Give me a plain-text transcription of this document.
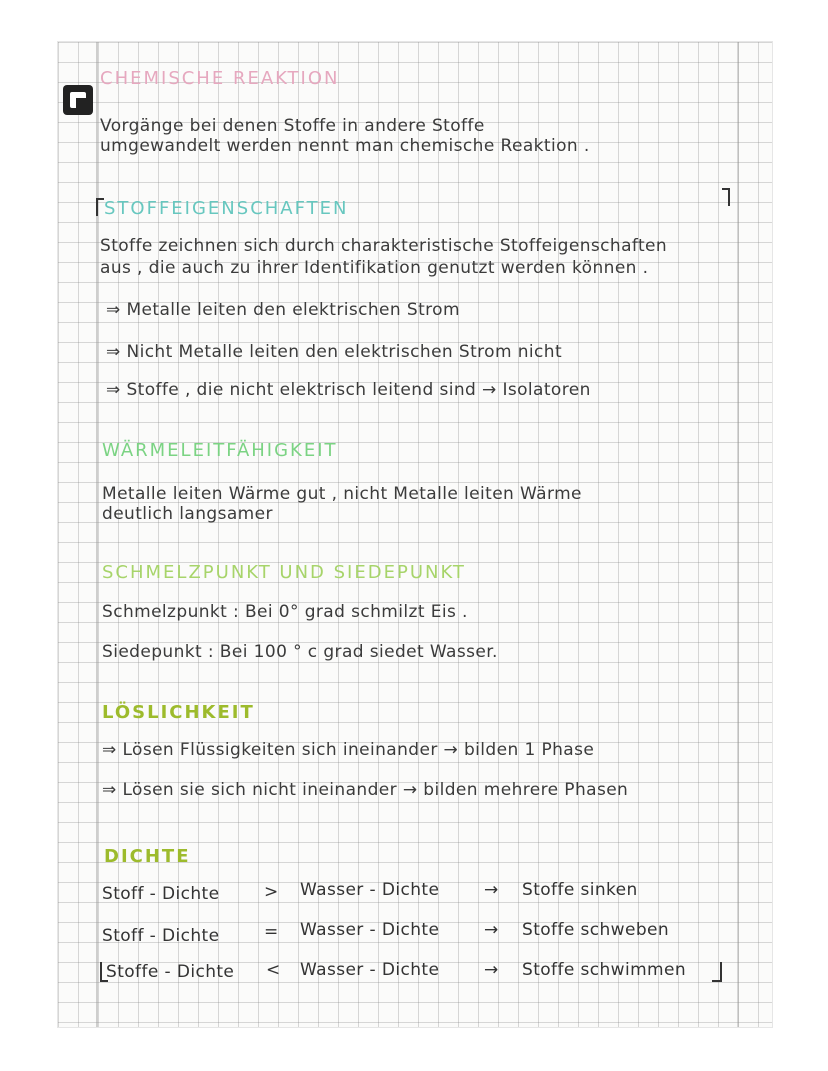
CHEMISCHE REAKTION
Vorgänge bei denen Stoffe in andere Stoffe
umgewandelt werden nennt man chemische Reaktion .
STOFFEIGENSCHAFTEN
Stoffe zeichnen sich durch charakteristische Stoffeigenschaften
aus , die auch zu ihrer Identifikation genutzt werden können .
⇒ Metalle leiten den elektrischen Strom
⇒ Nicht Metalle leiten den elektrischen Strom nicht
⇒ Stoffe , die nicht elektrisch leitend sind → Isolatoren
WÄRMELEITFÄHIGKEIT
Metalle leiten Wärme gut , nicht Metalle leiten Wärme
deutlich langsamer
SCHMELZPUNKT UND SIEDEPUNKT
Schmelzpunkt : Bei 0° grad schmilzt Eis .
Siedepunkt : Bei 100 ° c grad siedet Wasser.
LÖSLICHKEIT
⇒ Lösen Flüssigkeiten sich ineinander → bilden 1 Phase
⇒ Lösen sie sich nicht ineinander → bilden mehrere Phasen
DICHTE
Stoff - Dichte	> Wasser - Dichte	→ Stoffe sinken
Stoff - Dichte	= Wasser - Dichte	→ Stoffe schweben
Stoffe - Dichte < Wasser - Dichte	→ Stoffe schwimmen
